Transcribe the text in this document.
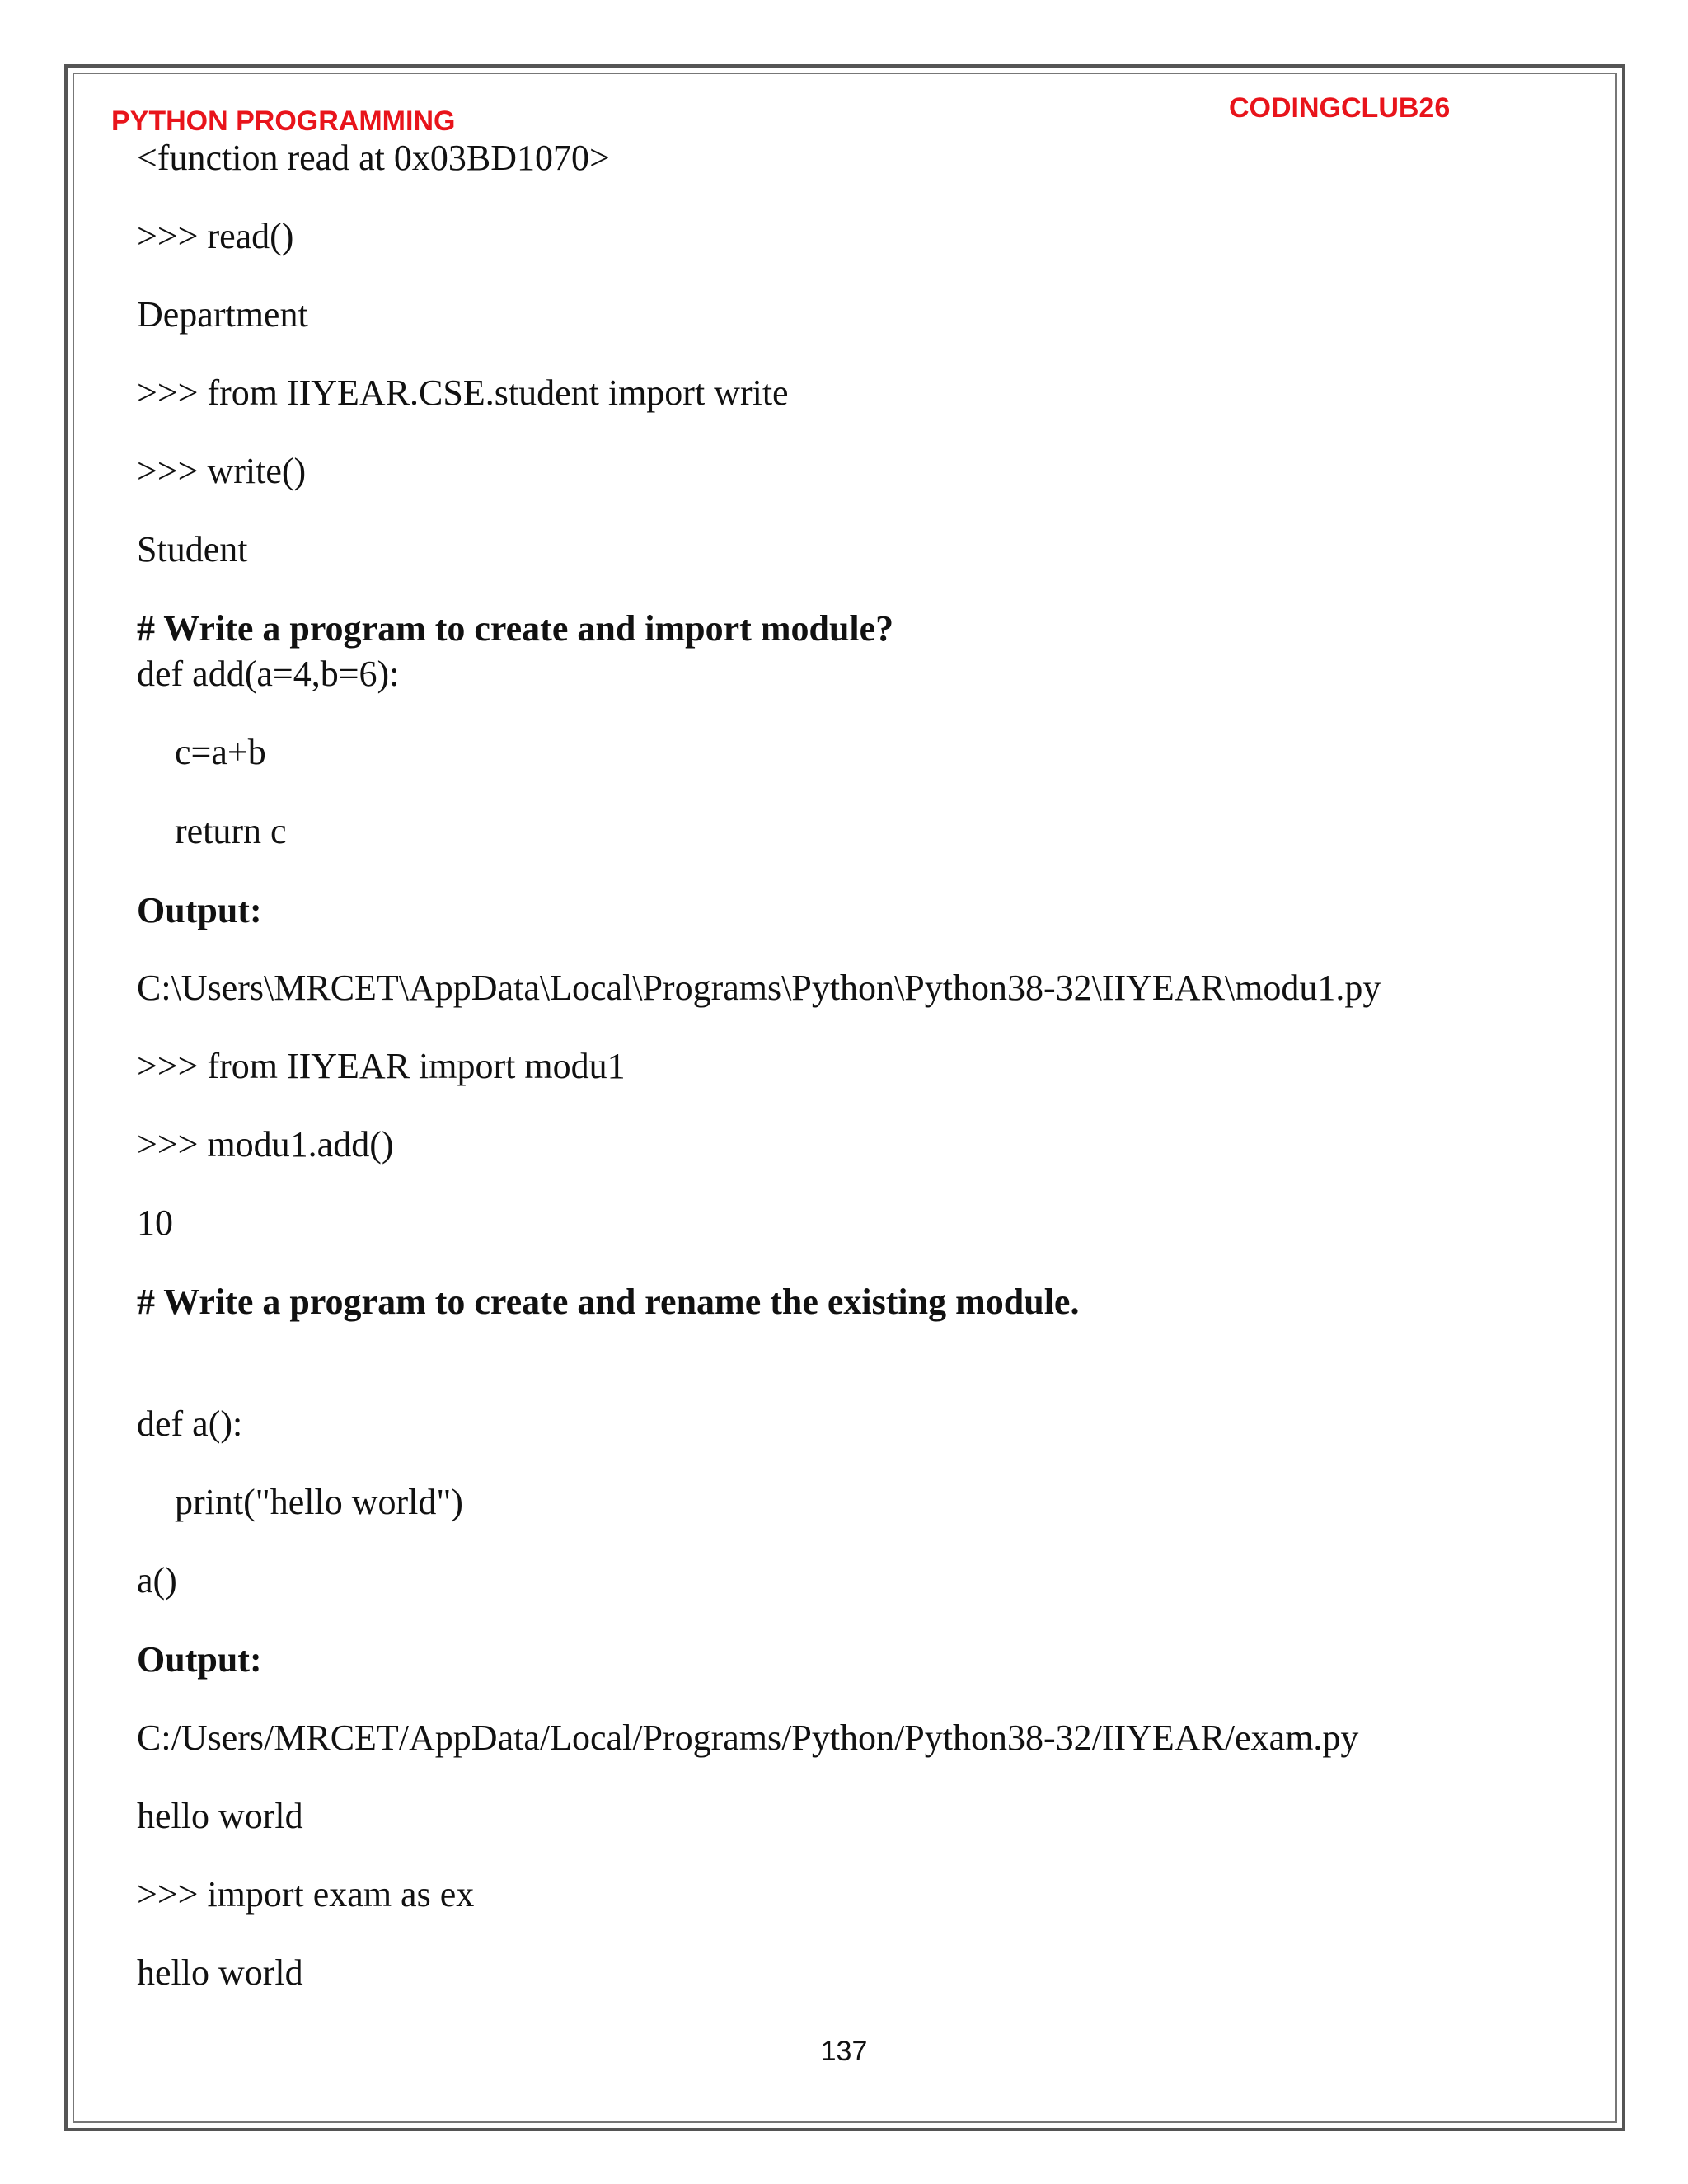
PYTHON PROGRAMMING	CODINGCLUB26
<function read at 0x03BD1070>
>>> read()
Department
>>> from IIYEAR.CSE.student import write
>>> write()
Student
# Write a program to create and import module?
def add(a=4,b=6):
c=a+b
return c
Output:
C:\Users\MRCET\AppData\Local\Programs\Python\Python38-32\IIYEAR\modu1.py
>>> from IIYEAR import modu1
>>> modu1.add()
10
# Write a program to create and rename the existing module.
def a():
print("hello world")
a()
Output:
C:/Users/MRCET/AppData/Local/Programs/Python/Python38-32/IIYEAR/exam.py
hello world
>>> import exam as ex
hello world
137
